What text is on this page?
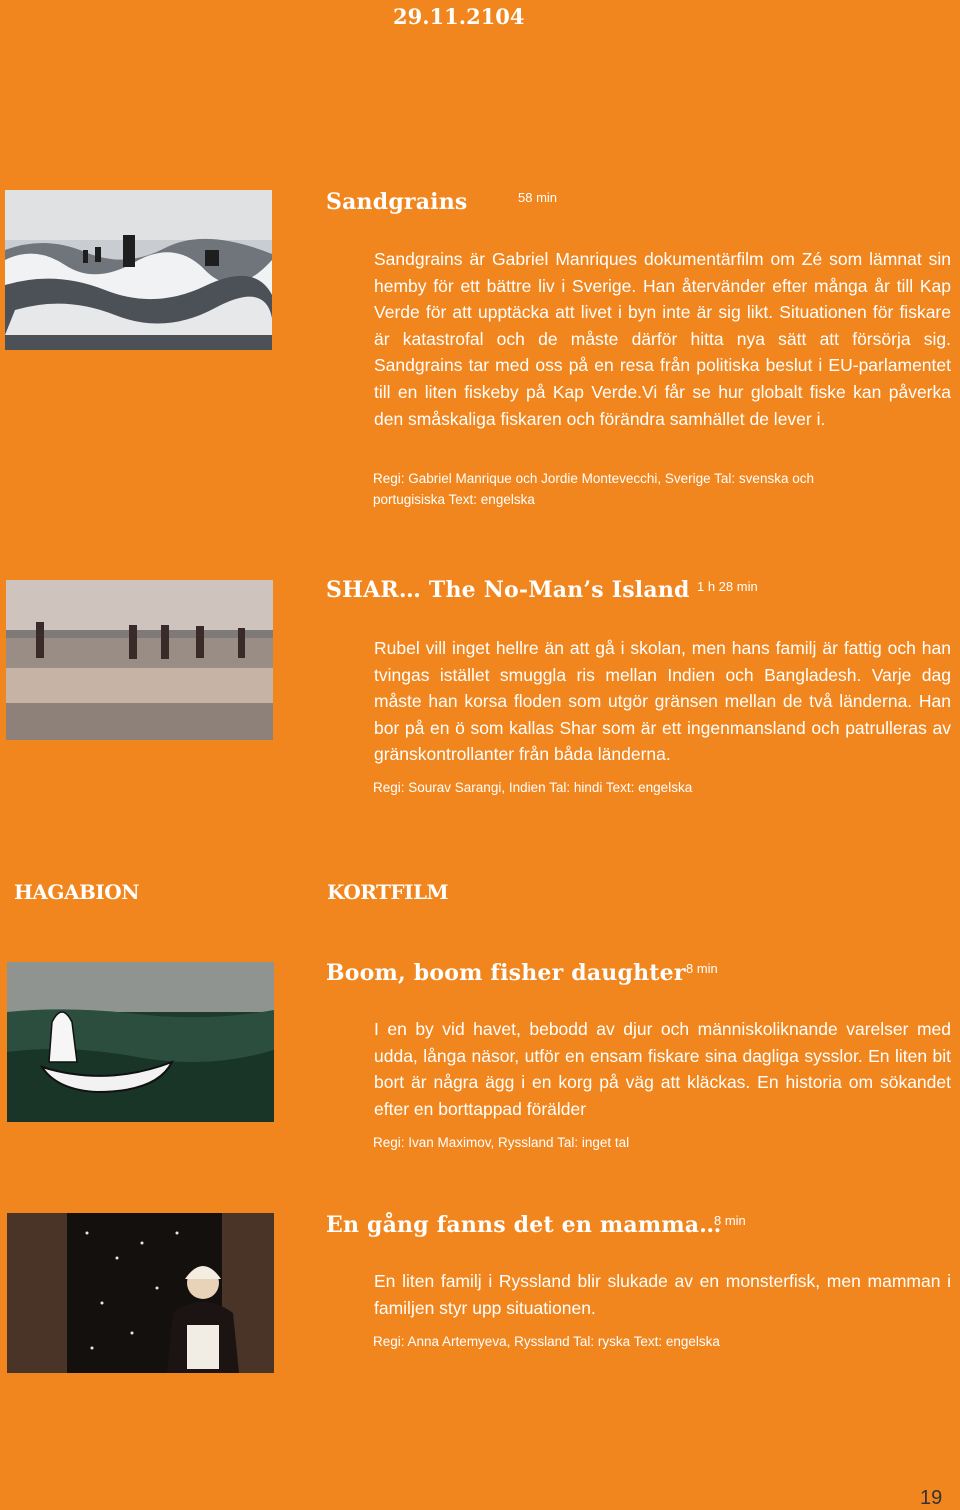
29.11.2104
Sandgrains	58 min

Sandgrains är Gabriel Manriques dokumentärfilm om Zé som lämnat sin hemby för ett bättre liv i Sverige. Han återvänder efter många år till Kap Verde för att upptäcka att livet i byn inte är sig likt. Situationen för fiskare är katastrofal och de måste därför hitta nya sätt att försörja sig. Sandgrains tar med oss på en resa från politiska beslut i EU-parlamentet till en liten fiskeby på Kap Verde.Vi får se hur globalt fiske kan påverka den småskaliga fiskaren och förändra samhället de lever i.

Regi: Gabriel Manrique och Jordie Montevecchi, Sverige Tal: svenska och portugisiska Text: engelska

SHAR… The No-Man’s Island 1 h 28 min

Rubel vill inget hellre än att gå i skolan, men hans familj är fattig och han tvingas istället smuggla ris mellan Indien och Bangladesh. Varje dag måste han korsa floden som utgör gränsen mellan de två länderna. Han bor på en ö som kallas Shar som är ett ingenmansland och patrulleras av gränskontrollanter från båda länderna.

Regi: Sourav Sarangi, Indien Tal: hindi Text: engelska

HAGABION	KORTFILM
Boom, boom fisher daughter 8 min

I en by vid havet, bebodd av djur och människoliknande varelser med udda, långa näsor, utför en ensam fiskare sina dagliga sysslor. En liten bit bort är några ägg i en korg på väg att kläckas. En historia om sökandet efter en borttappad förälder

Regi: Ivan Maximov, Ryssland Tal: inget tal

En gång fanns det en mamma…
8 min

En liten familj i Ryssland blir slukade av en monsterfisk, men mamman i familjen styr upp situationen.

Regi: Anna Artemyeva, Ryssland Tal: ryska Text: engelska

19
